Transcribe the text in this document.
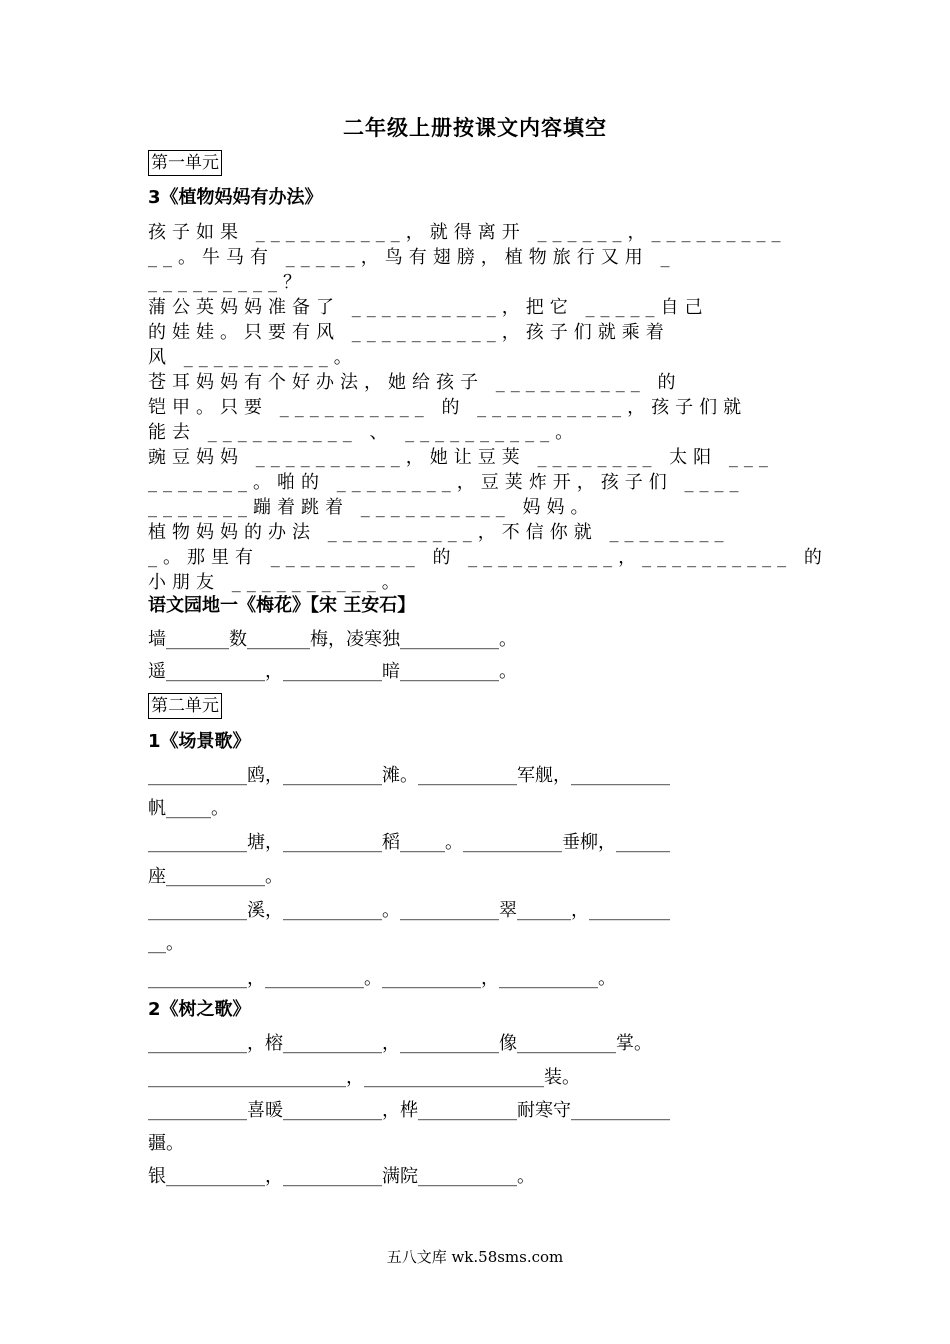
二年级上册按课文内容填空
第一单元
3《植物妈妈有办法》
孩子如果 __________，就得离开 ______，_________
__。牛马有 _____，鸟有翅膀，植物旅行又用 _
_________？
蒲公英妈妈准备了 __________，把它 _____自己
的娃娃。只要有风 __________，孩子们就乘着
风 __________。
苍耳妈妈有个好办法，她给孩子 __________ 的
铠甲。只要 __________ 的 __________，孩子们就
能去 __________ 、 __________。
豌豆妈妈 __________，她让豆荚 ________ 太阳 ___
_______。啪的 ________，豆荚炸开，孩子们 ____
_______蹦着跳着 __________ 妈妈。
植物妈妈的办法 __________，不信你就 ________
_。那里有 __________ 的 __________，__________ 的
小朋友 __________。
语文园地一《梅花》【宋 王安石】
墙_______数_______梅，凌寒独___________。
遥___________，___________暗___________。
第二单元
1《场景歌》
___________鸥，___________滩。___________军舰，___________
帆_____。
___________塘，___________稻_____。___________垂柳，______
座___________。
___________溪，___________。___________翠______，_________
__。
___________，___________。___________，___________。
2《树之歌》
___________，榕___________，___________像___________掌。
______________________，____________________装。
___________喜暖___________，桦___________耐寒守___________
疆。
银___________，___________满院___________。
五八文库 wk.58sms.com
